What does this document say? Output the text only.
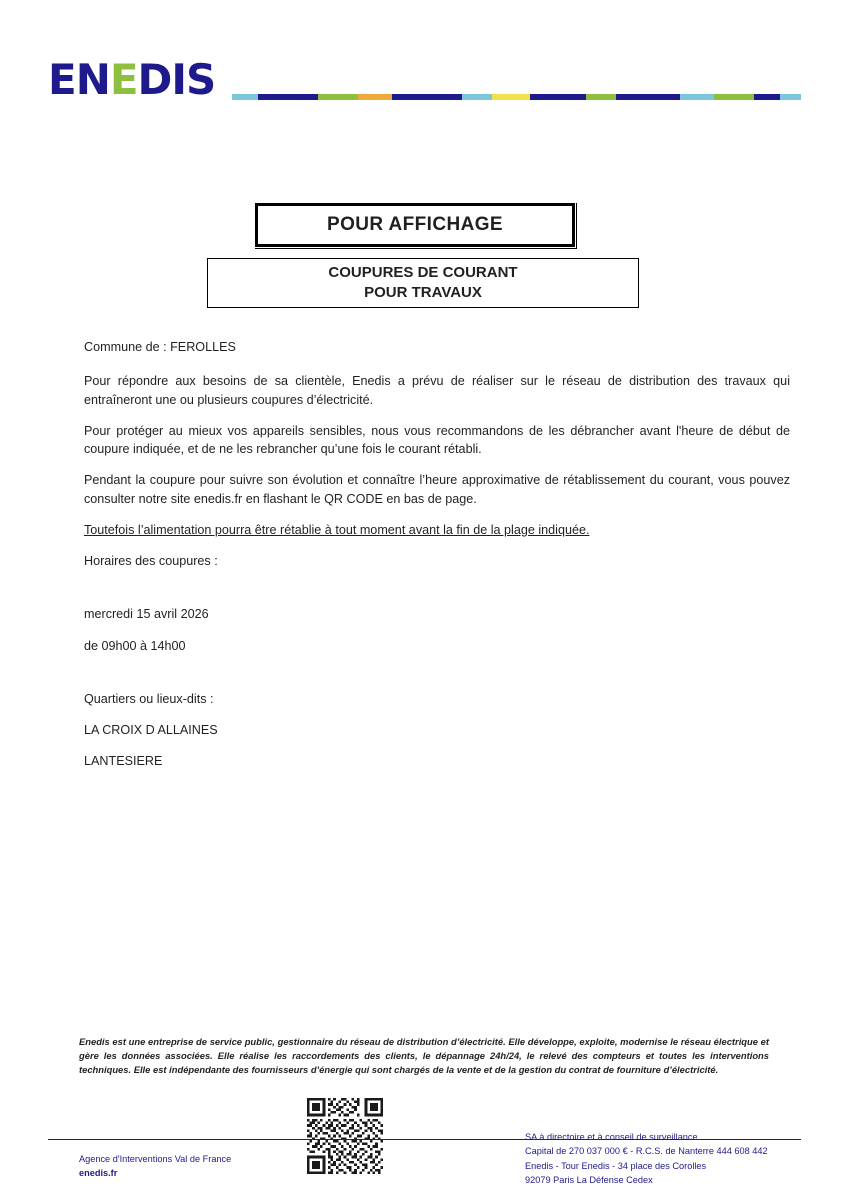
EN E DIS
POUR AFFICHAGE
COUPURES DE COURANT
POUR TRAVAUX

Commune de : FEROLLES

Pour répondre aux besoins de sa clientèle, Enedis a prévu de réaliser sur le réseau de distribution des travaux qui entraîneront une ou plusieurs coupures d’électricité.

Pour protéger au mieux vos appareils sensibles, nous vous recommandons de les débrancher avant l'heure de début de coupure indiquée, et de ne les rebrancher qu’une fois le courant rétabli.

Pendant la coupure pour suivre son évolution et connaître l’heure approximative de rétablissement du courant, vous pouvez consulter notre site enedis.fr en flashant le QR CODE en bas de page.

Toutefois l’alimentation pourra être rétablie à tout moment avant la fin de la plage indiquée.

Horaires des coupures :

mercredi 15 avril 2026

de 09h00 à 14h00

Quartiers ou lieux-dits :

LA CROIX D ALLAINES

LANTESIERE

Enedis est une entreprise de service public, gestionnaire du réseau de distribution d’électricité. Elle développe, exploite, modernise le réseau électrique et gère les données associées. Elle réalise les raccordements des clients, le dépannage 24h/24, le relevé des compteurs et toutes les interventions techniques. Elle est indépendante des fournisseurs d’énergie qui sont chargés de la vente et de la gestion du contrat de fourniture d’électricité.
Agence d'Interventions Val de France
enedis.fr
SA à directoire et à conseil de surveillance
Capital de 270 037 000 € - R.C.S. de Nanterre 444 608 442
Enedis - Tour Enedis - 34 place des Corolles
92079 Paris La Défense Cedex
